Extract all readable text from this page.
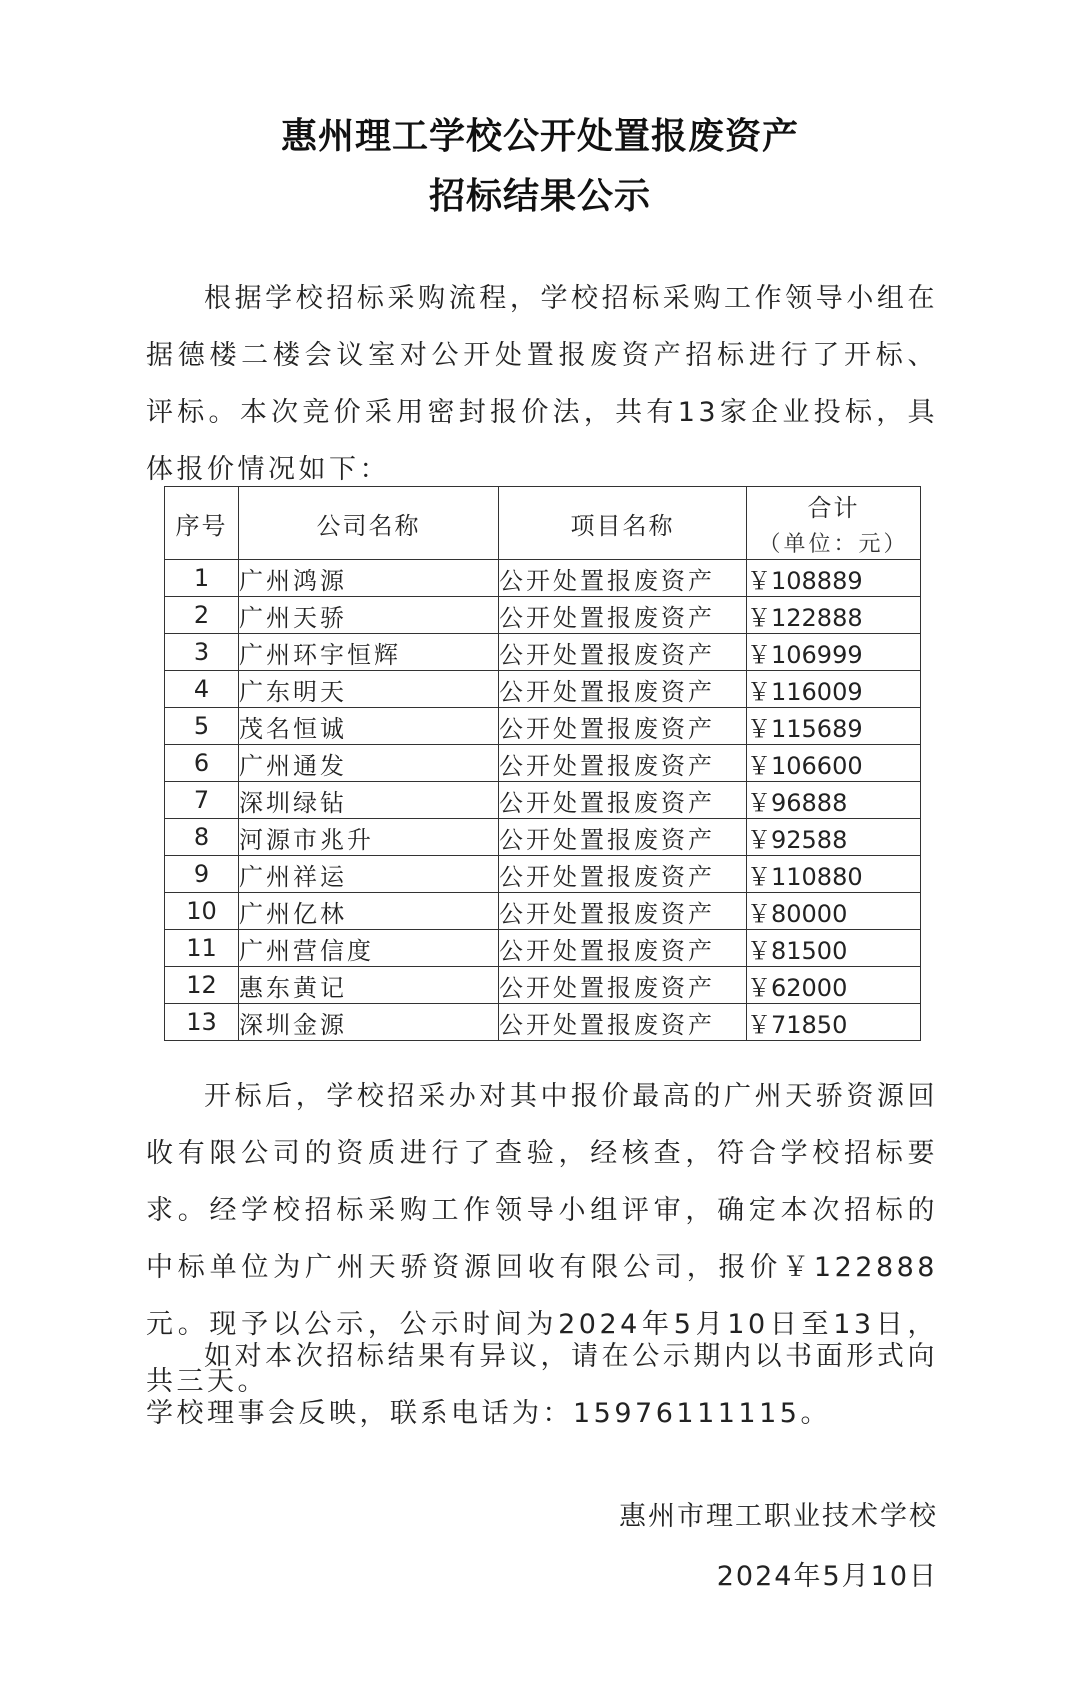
惠州理工学校公开处置报废资产
招标结果公示
根据学校招标采购流程，学校招标采购工作领导小组在据德楼二楼会议室对公开处置报废资产招标进行了开标、评标。本次竞价采用密封报价法，共有13家企业投标，具体报价情况如下：
序号	公司名称	项目名称	合计
（单位：元）

1	广州鸿源	公开处置报废资产	￥108889
2	广州天骄	公开处置报废资产	￥122888
3	广州环宇恒辉	公开处置报废资产	￥106999
4	广东明天	公开处置报废资产	￥116009
5	茂名恒诚	公开处置报废资产	￥115689
6	广州通发	公开处置报废资产	￥106600
7	深圳绿钻	公开处置报废资产	￥96888
8	河源市兆升	公开处置报废资产	￥92588
9	广州祥运	公开处置报废资产	￥110880
10	广州亿林	公开处置报废资产	￥80000
11	广州营信度	公开处置报废资产	￥81500
12	惠东黄记	公开处置报废资产	￥62000
13	深圳金源	公开处置报废资产	￥71850
开标后，学校招采办对其中报价最高的广州天骄资源回收有限公司的资质进行了查验，经核查，符合学校招标要求。经学校招标采购工作领导小组评审，确定本次招标的中标单位为广州天骄资源回收有限公司，报价￥122888元。现予以公示，公示时间为2024年5月10日至13日，共三天。
如对本次招标结果有异议，请在公示期内以书面形式向学校理事会反映，联系电话为：15976111115。
惠州市理工职业技术学校
2024年5月10日
